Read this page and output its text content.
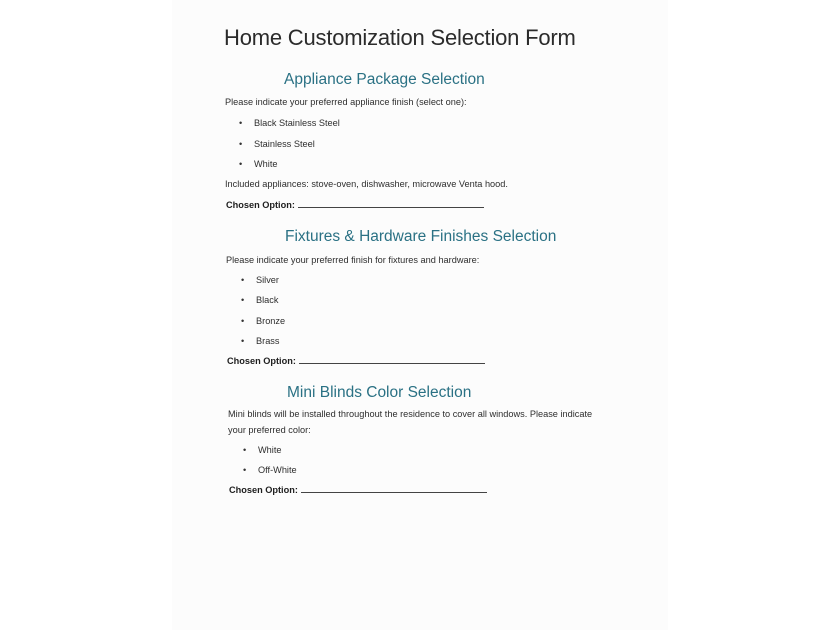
Home Customization Selection Form
Appliance Package Selection
Please indicate your preferred appliance finish (select one):
• Black Stainless Steel
• Stainless Steel
• White
Included appliances: stove-oven, dishwasher, microwave Venta hood.
Chosen Option:
Fixtures & Hardware Finishes Selection
Please indicate your preferred finish for fixtures and hardware:
• Silver
• Black
• Bronze
• Brass
Chosen Option:
Mini Blinds Color Selection
Mini blinds will be installed throughout the residence to cover all windows. Please indicate
your preferred color:
• White
• Off-White
Chosen Option:
